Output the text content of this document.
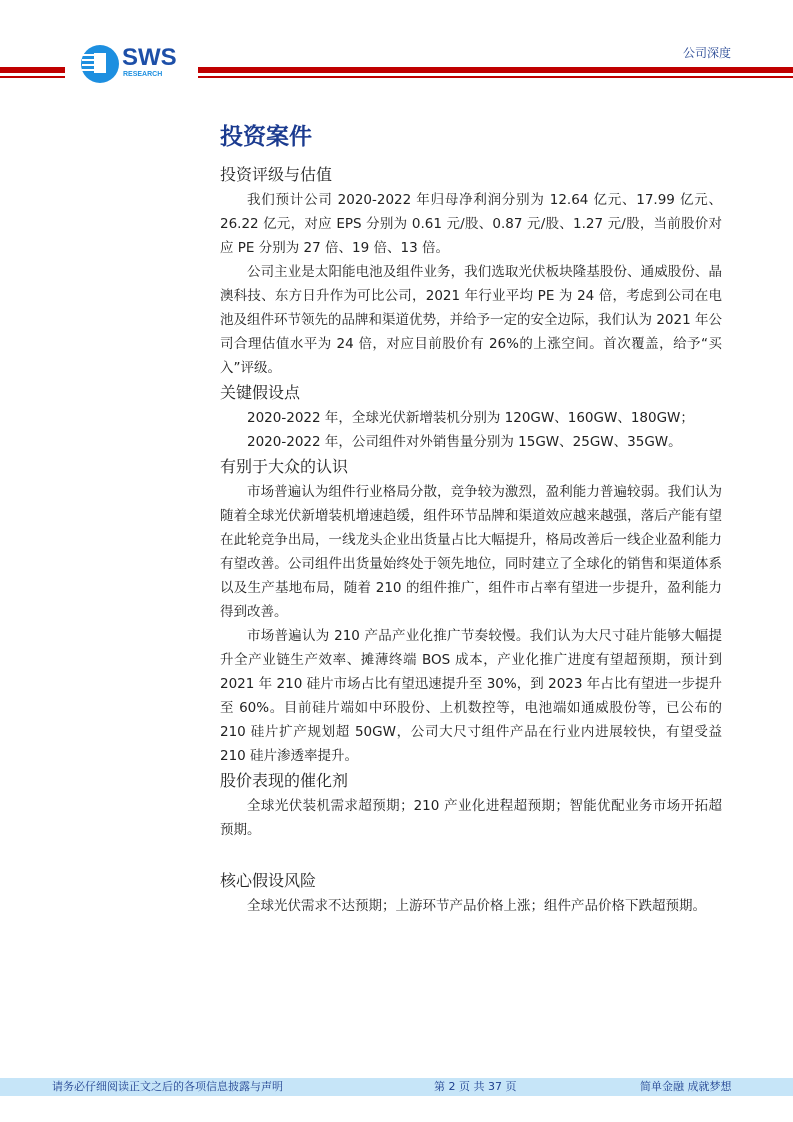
SWS
RESEARCH
公司深度
投资案件
投资评级与估值

我们预计公司 2020-2022 年归母净利润分别为 12.64 亿元、17.99 亿元、26.22 亿元，对应 EPS 分别为 0.61 元/股、0.87 元/股、1.27 元/股，当前股价对应 PE 分别为 27 倍、19 倍、13 倍。

公司主业是太阳能电池及组件业务，我们选取光伏板块隆基股份、通威股份、晶澳科技、东方日升作为可比公司，2021 年行业平均 PE 为 24 倍，考虑到公司在电池及组件环节领先的品牌和渠道优势，并给予一定的安全边际，我们认为 2021 年公司合理估值水平为 24 倍，对应目前股价有 26%的上涨空间。首次覆盖，给予“买入”评级。

关键假设点

2020-2022 年，全球光伏新增装机分别为 120GW、160GW、180GW；

2020-2022 年，公司组件对外销售量分别为 15GW、25GW、35GW。

有别于大众的认识

市场普遍认为组件行业格局分散，竞争较为激烈，盈利能力普遍较弱。我们认为随着全球光伏新增装机增速趋缓，组件环节品牌和渠道效应越来越强，落后产能有望在此轮竞争出局，一线龙头企业出货量占比大幅提升，格局改善后一线企业盈利能力有望改善。公司组件出货量始终处于领先地位，同时建立了全球化的销售和渠道体系以及生产基地布局，随着 210 的组件推广，组件市占率有望进一步提升，盈利能力得到改善。

市场普遍认为 210 产品产业化推广节奏较慢。我们认为大尺寸硅片能够大幅提升全产业链生产效率、摊薄终端 BOS 成本，产业化推广进度有望超预期，预计到 2021 年 210 硅片市场占比有望迅速提升至 30%，到 2023 年占比有望进一步提升至 60%。目前硅片端如中环股份、上机数控等，电池端如通威股份等，已公布的 210 硅片扩产规划超 50GW，公司大尺寸组件产品在行业内进展较快，有望受益 210 硅片渗透率提升。

股价表现的催化剂

全球光伏装机需求超预期；210 产业化进程超预期；智能优配业务市场开拓超预期。

核心假设风险

全球光伏需求不达预期；上游环节产品价格上涨；组件产品价格下跌超预期。

请务必仔细阅读正文之后的各项信息披露与声明	第 2 页 共 37 页	简单金融 成就梦想
